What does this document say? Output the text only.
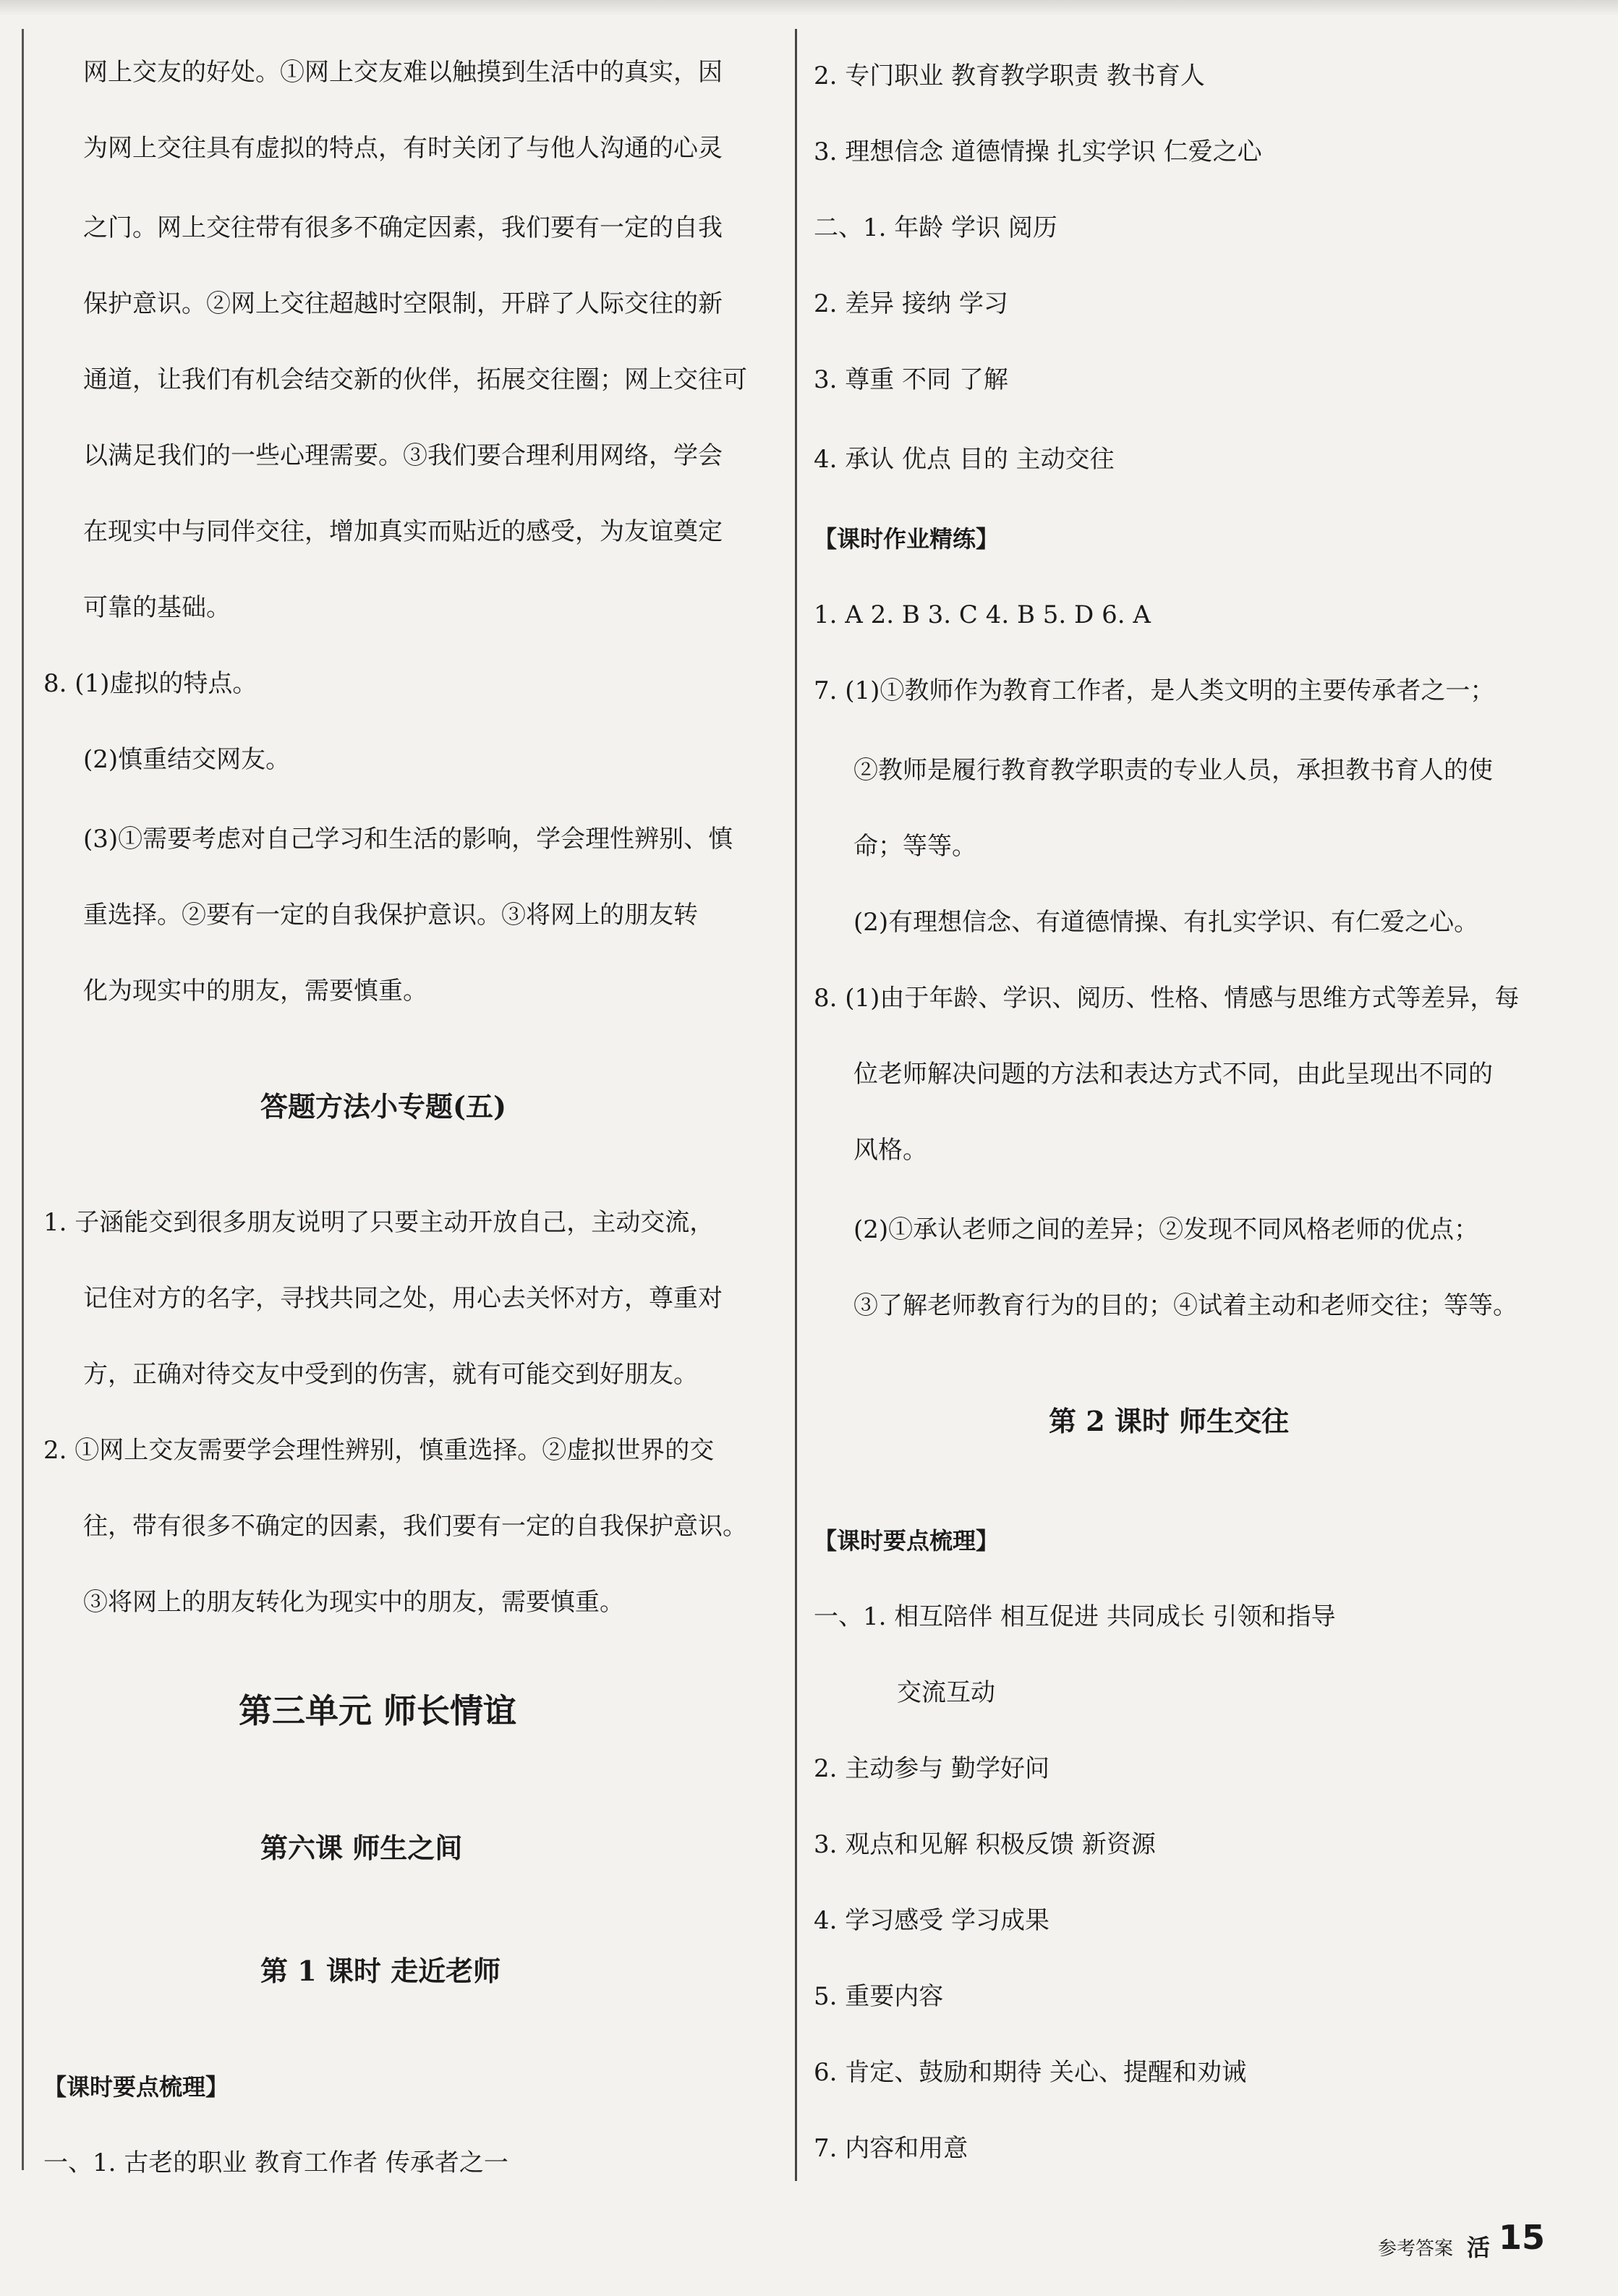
网上交友的好处。①网上交友难以触摸到生活中的真实，因
为网上交往具有虚拟的特点，有时关闭了与他人沟通的心灵
之门。网上交往带有很多不确定因素，我们要有一定的自我
保护意识。②网上交往超越时空限制，开辟了人际交往的新
通道，让我们有机会结交新的伙伴，拓展交往圈；网上交往可
以满足我们的一些心理需要。③我们要合理利用网络，学会
在现实中与同伴交往，增加真实而贴近的感受，为友谊奠定
可靠的基础。
8. (1)虚拟的特点。
(2)慎重结交网友。
(3)①需要考虑对自己学习和生活的影响，学会理性辨别、慎
重选择。②要有一定的自我保护意识。③将网上的朋友转
化为现实中的朋友，需要慎重。
答题方法小专题(五)
1. 子涵能交到很多朋友说明了只要主动开放自己，主动交流，
记住对方的名字，寻找共同之处，用心去关怀对方，尊重对
方，正确对待交友中受到的伤害，就有可能交到好朋友。
2. ①网上交友需要学会理性辨别，慎重选择。②虚拟世界的交
往，带有很多不确定的因素，我们要有一定的自我保护意识。
③将网上的朋友转化为现实中的朋友，需要慎重。
第三单元 师长情谊
第六课 师生之间
第 1 课时 走近老师
【课时要点梳理】
一、1. 古老的职业 教育工作者 传承者之一
2. 专门职业 教育教学职责 教书育人
3. 理想信念 道德情操 扎实学识 仁爱之心
二、1. 年龄 学识 阅历
2. 差异 接纳 学习
3. 尊重 不同 了解
4. 承认 优点 目的 主动交往
【课时作业精练】
1. A 2. B 3. C 4. B 5. D 6. A
7. (1)①教师作为教育工作者，是人类文明的主要传承者之一；
②教师是履行教育教学职责的专业人员，承担教书育人的使
命；等等。
(2)有理想信念、有道德情操、有扎实学识、有仁爱之心。
8. (1)由于年龄、学识、阅历、性格、情感与思维方式等差异，每
位老师解决问题的方法和表达方式不同，由此呈现出不同的
风格。
(2)①承认老师之间的差异；②发现不同风格老师的优点；
③了解老师教育行为的目的；④试着主动和老师交往；等等。
第 2 课时 师生交往
【课时要点梳理】
一、1. 相互陪伴 相互促进 共同成长 引领和指导
交流互动
2. 主动参与 勤学好问
3. 观点和见解 积极反馈 新资源
4. 学习感受 学习成果
5. 重要内容
6. 肯定、鼓励和期待 关心、提醒和劝诫
7. 内容和用意
参考答案 活 15
